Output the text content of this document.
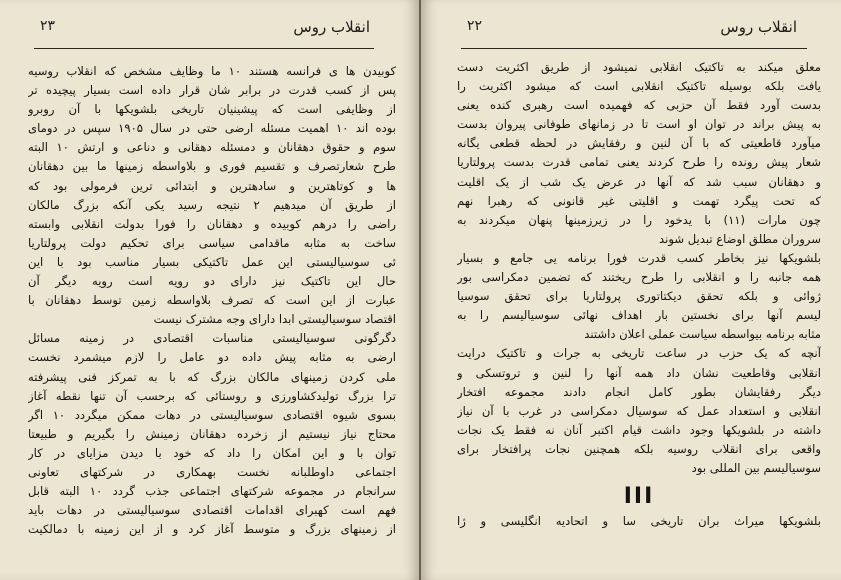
انقلاب روس
۲۳
کوبیدن ها ی فرانسه هستند ۱۰ ما وظایف مشخص که انقلاب روسیه
پس از کسب قدرت در برابر شان قرار داده است بسیار پیچیده تر
از وظایفی است که پیشینیان تاریخی بلشویکها با آن روبرو
بوده اند ۱۰ اهمیت مسئله ارضی حتی در سال ۱۹۰۵ سپس در دومای
سوم و حقوق دهقانان و دمسئله دهقانی و دناعی و ارتش ۱۰ البته
طرح شعارتصرف و تقسیم فوری و بلاواسطه زمینها ما بین دهقانان
ها و کوتاهترین و سادهترین و ابتدائی ترین فرمولی بود که
از طریق آن میدهیم ۲ نتیجه رسید یکی آنکه بزرگ مالکان
راضی را درهم کوبیده و دهقانان را فورا بدولت انقلابی وابسته
ساخت به مثابه ماقدامی سیاسی برای تحکیم دولت پرولتاریا
ئی سوسیالیستی این عمل تاکتیکی بسیار مناسب بود با این
حال این تاکتیک نیز دارای دو رویه است رویه دیگر آن
عبارت از این است که تصرف بلاواسطه زمین توسط دهقانان با
اقتصاد سوسیالیستی ابدا دارای وجه مشترک نیست
دگرگونی سوسیالیستی مناسبات اقتصادی در زمینه مسائل
ارضی به مثابه پیش داده دو عامل را لازم میشمرد نخست
ملی کردن زمینهای مالکان بزرگ که با به تمرکز فنی پیشرفته
ترا بزرگ تولیدکشاورزی و روستائی که برحسب آن تنها نقطه آغاز
بسوی شیوه اقتصادی سوسیالیستی در دهات ممکن میگردد ۱۰ اگر
محتاج نیاز نیستیم از زخرده دهقانان زمینش را بگیریم و طبیعتا
توان با و این امکان را داد که خود با دیدن مزایای در کار
اجتماعی داوطلبانه نخست بهمکاری در شرکتهای تعاونی
سرانجام در مجموعه شرکتهای اجتماعی جذب گردد ۱۰ البته قابل
فهم است کهبرای اقدامات اقتصادی سوسیالیستی در دهات باید
از زمینهای بزرگ و متوسط آغاز کرد و از این زمینه با دمالکیت
انقلاب روس
۲۲
معلق میکند به تاکتیک انقلابی نمیشود از طریق اکثریت دست
یافت بلکه بوسیله تاکتیک انقلابی است که میشود اکثریت را
بدست آورد فقط آن حزبی که فهمیده است رهبری کنده یعنی
به پیش براند در توان او است تا در زمانهای طوفانی پیروان بدست
میآورد قاطعیتی که با آن لنین و رفقایش در لحظه قطعی یگانه
شعار پیش رونده را طرح کردند یعنی تمامی قدرت بدست پرولتاریا
و دهقانان سبب شد که آنها در عرض یک شب از یک اقلیت
که تحت پیگرد تهمت و اقلیتی غیر قانونی که رهبرا نهم
چون مارات (۱۱) با یدخود را در زیرزمینها پنهان میکردند به
سروران مطلق اوضاع تبدیل شوند
بلشویکها نیز بخاطر کسب قدرت فورا برنامه یی جامع و بسیار
همه جانبه را و انقلابی را طرح ریختند که تضمین دمکراسی بور
ژوائی و بلکه تحقق دیکتاتوری پرولتاریا برای تحقق سوسیا
لیسم آنها برای نخستین بار اهداف نهائی سوسیالیسم را به
مثابه برنامه بیواسطه سیاست عملی اعلان داشتند
آنچه که یک حزب در ساعت تاریخی به جرات و تاکتیک درایت
انقلابی وقاطعیت نشان داد همه آنها را لنین و تروتسکی و
دیگر رفقایشان بطور کامل انجام دادند مجموعه افتخار
انقلابی و استعداد عمل که سوسیال دمکراسی در غرب با آن نیاز
داشته در بلشویکها وجود داشت قیام اکتبر آنان نه فقط یک نجات
واقعی برای انقلاب روسیه بلکه همچنین نجات پرافتخار برای
سوسیالیسم بین المللی بود
III
بلشویکها میراث بران تاریخی سا و اتحادیه انگلیسی و ژا
